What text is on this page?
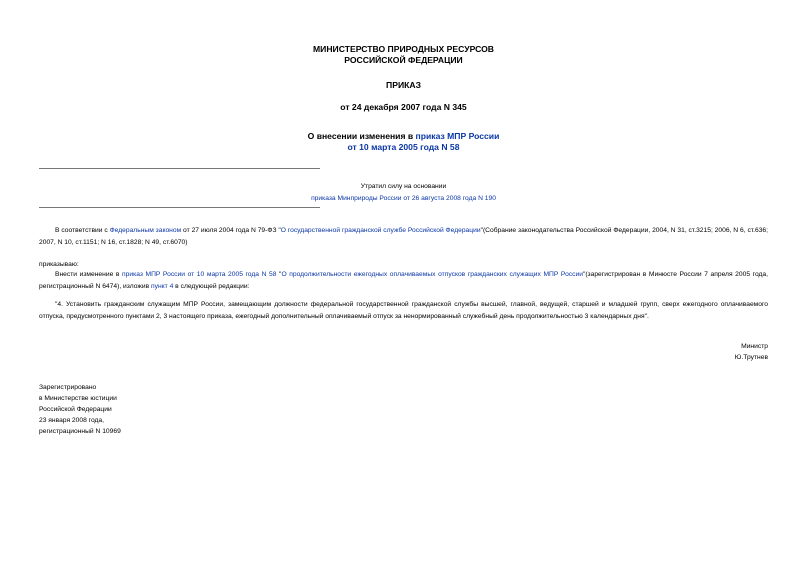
МИНИСТЕРСТВО ПРИРОДНЫХ РЕСУРСОВ
РОССИЙСКОЙ ФЕДЕРАЦИИ
ПРИКАЗ
от 24 декабря 2007 года N 345
О внесении изменения в приказ МПР России
от 10 марта 2005 года N 58
Утратил силу на основании
приказа Минприроды России от 26 августа 2008 года N 190
В соответствии с Федеральным законом от 27 июля 2004 года N 79-ФЗ "О государственной гражданской службе Российской Федерации"(Собрание законодательства Российской Федерации, 2004, N 31, ст.3215; 2006, N 6, ст.636; 2007, N 10, ст.1151; N 16, ст.1828; N 49, ст.6070)
приказываю:
Внести изменение в приказ МПР России от 10 марта 2005 года N 58 "О продолжительности ежегодных оплачиваемых отпусков гражданских служащих МПР России"(зарегистрирован в Минюсте России 7 апреля 2005 года, регистрационный N 6474), изложив пункт 4 в следующей редакции:
"4. Установить гражданским служащим МПР России, замещающим должности федеральной государственной гражданской службы высшей, главной, ведущей, старшей и младшей групп, сверх ежегодного оплачиваемого отпуска, предусмотренного пунктами 2, 3 настоящего приказа, ежегодный дополнительный оплачиваемый отпуск за ненормированный служебный день продолжительностью 3 календарных дня".
Министр
Ю.Трутнев
Зарегистрировано
в Министерстве юстиции
Российской Федерации
23 января 2008 года,
регистрационный N 10969
